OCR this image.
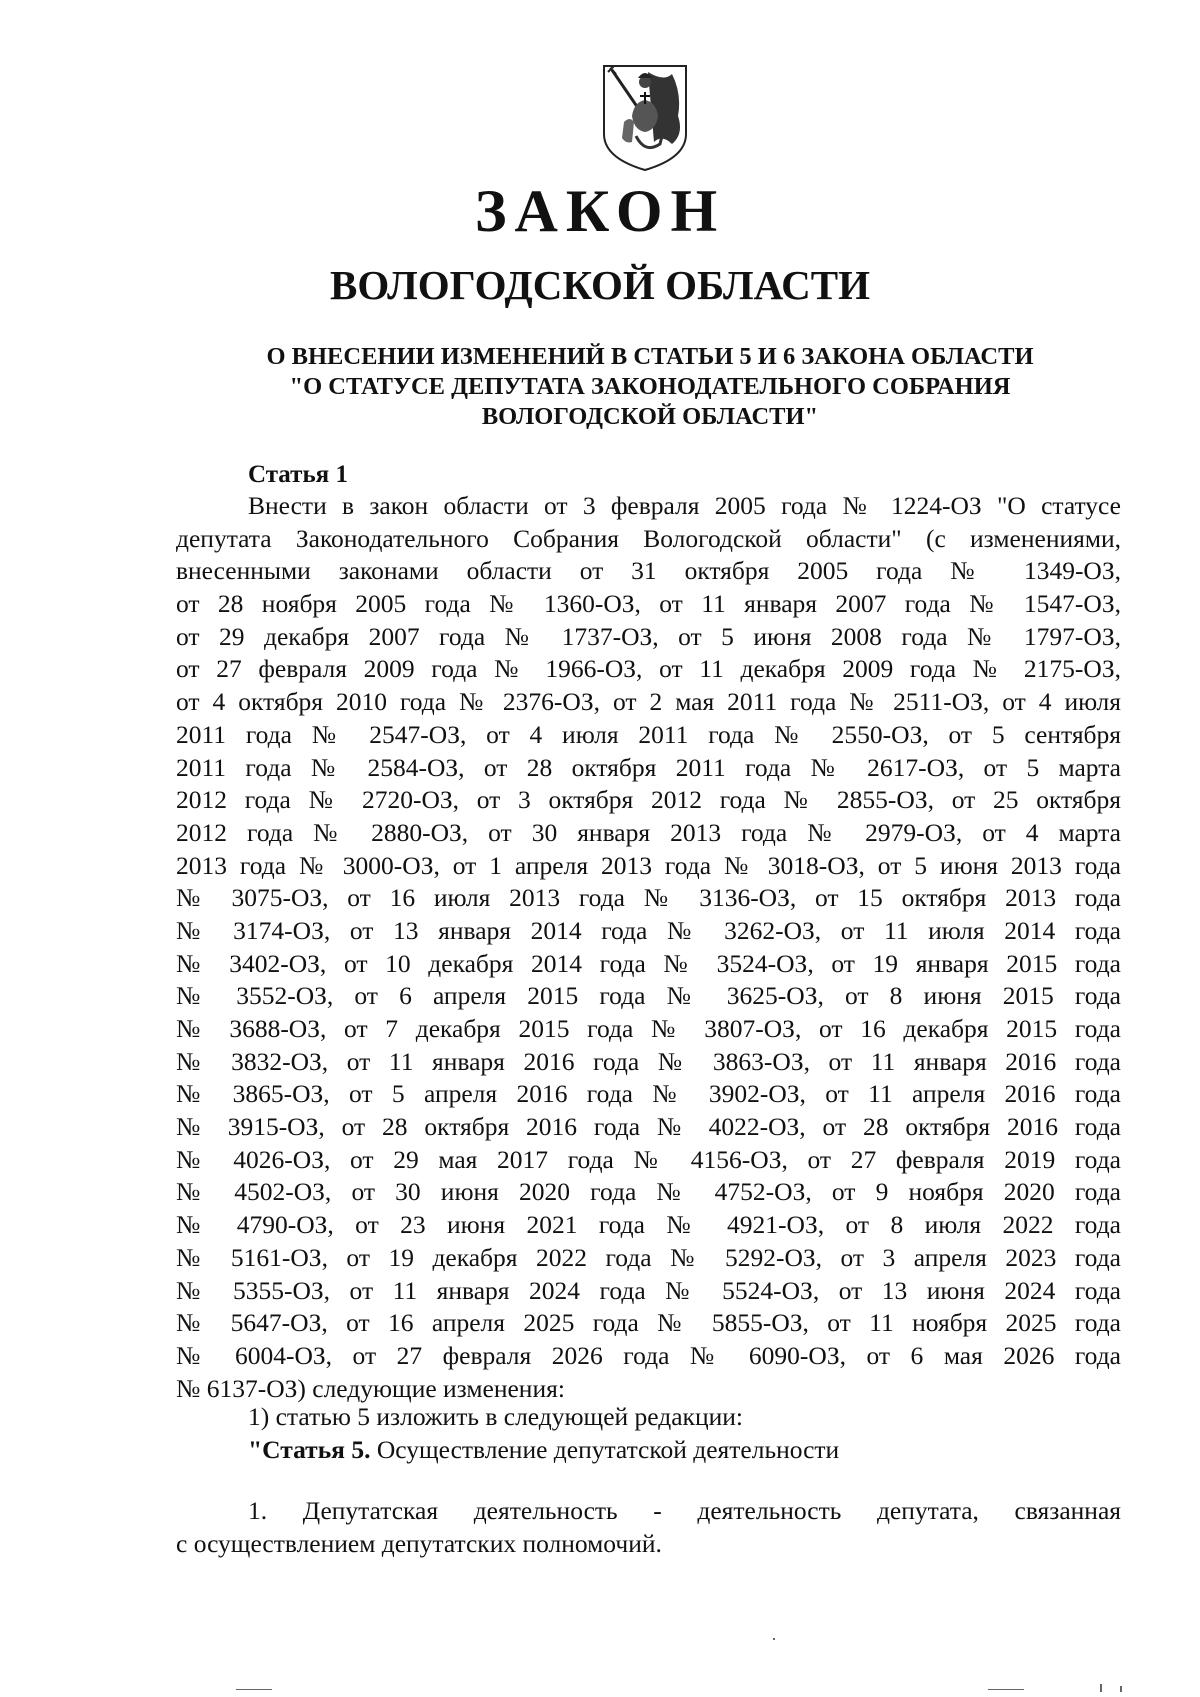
ЗАКОН
ВОЛОГОДСКОЙ ОБЛАСТИ
О ВНЕСЕНИИ ИЗМЕНЕНИЙ В СТАТЬИ 5 И 6 ЗАКОНА ОБЛАСТИ
"О СТАТУСЕ ДЕПУТАТА ЗАКОНОДАТЕЛЬНОГО СОБРАНИЯ
ВОЛОГОДСКОЙ ОБЛАСТИ"
Статья 1
Внести в закон области от 3 февраля 2005 года № 1224-ОЗ "О статусе
депутата Законодательного Собрания Вологодской области" (с изменениями,
внесенными законами области от 31 октября 2005 года № 1349-ОЗ,
от 28 ноября 2005 года № 1360-ОЗ, от 11 января 2007 года № 1547-ОЗ,
от 29 декабря 2007 года № 1737-ОЗ, от 5 июня 2008 года № 1797-ОЗ,
от 27 февраля 2009 года № 1966-ОЗ, от 11 декабря 2009 года № 2175-ОЗ,
от 4 октября 2010 года № 2376-ОЗ, от 2 мая 2011 года № 2511-ОЗ, от 4 июля
2011 года № 2547-ОЗ, от 4 июля 2011 года № 2550-ОЗ, от 5 сентября
2011 года № 2584-ОЗ, от 28 октября 2011 года № 2617-ОЗ, от 5 марта
2012 года № 2720-ОЗ, от 3 октября 2012 года № 2855-ОЗ, от 25 октября
2012 года № 2880-ОЗ, от 30 января 2013 года № 2979-ОЗ, от 4 марта
2013 года № 3000-ОЗ, от 1 апреля 2013 года № 3018-ОЗ, от 5 июня 2013 года
№ 3075-ОЗ, от 16 июля 2013 года № 3136-ОЗ, от 15 октября 2013 года
№ 3174-ОЗ, от 13 января 2014 года № 3262-ОЗ, от 11 июля 2014 года
№ 3402-ОЗ, от 10 декабря 2014 года № 3524-ОЗ, от 19 января 2015 года
№ 3552-ОЗ, от 6 апреля 2015 года № 3625-ОЗ, от 8 июня 2015 года
№ 3688-ОЗ, от 7 декабря 2015 года № 3807-ОЗ, от 16 декабря 2015 года
№ 3832-ОЗ, от 11 января 2016 года № 3863-ОЗ, от 11 января 2016 года
№ 3865-ОЗ, от 5 апреля 2016 года № 3902-ОЗ, от 11 апреля 2016 года
№ 3915-ОЗ, от 28 октября 2016 года № 4022-ОЗ, от 28 октября 2016 года
№ 4026-ОЗ, от 29 мая 2017 года № 4156-ОЗ, от 27 февраля 2019 года
№ 4502-ОЗ, от 30 июня 2020 года № 4752-ОЗ, от 9 ноября 2020 года
№ 4790-ОЗ, от 23 июня 2021 года № 4921-ОЗ, от 8 июля 2022 года
№ 5161-ОЗ, от 19 декабря 2022 года № 5292-ОЗ, от 3 апреля 2023 года
№ 5355-ОЗ, от 11 января 2024 года № 5524-ОЗ, от 13 июня 2024 года
№ 5647-ОЗ, от 16 апреля 2025 года № 5855-ОЗ, от 11 ноября 2025 года
№ 6004-ОЗ, от 27 февраля 2026 года № 6090-ОЗ, от 6 мая 2026 года
№ 6137-ОЗ) следующие изменения:
1) статью 5 изложить в следующей редакции:
"Статья 5. Осуществление депутатской деятельности
1. Депутатская деятельность - деятельность депутата, связанная
с осуществлением депутатских полномочий.
